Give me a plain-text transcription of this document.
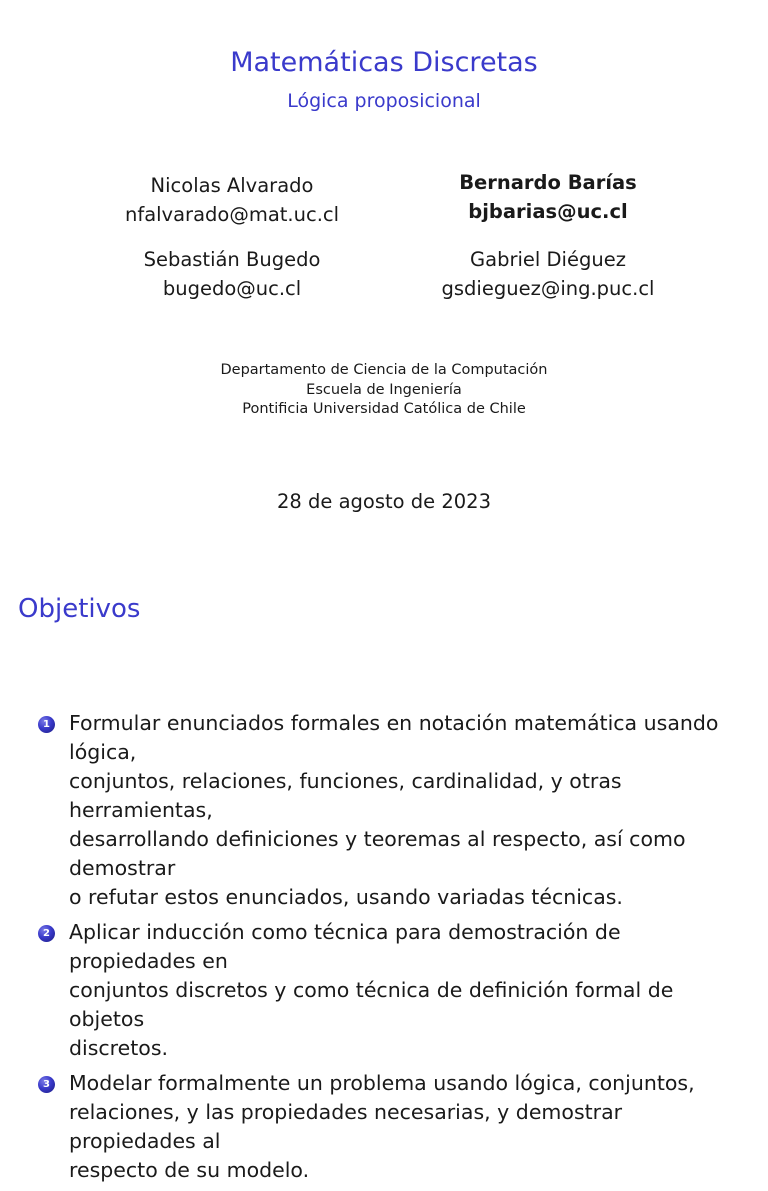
Matemáticas Discretas
Lógica proposicional
Nicolas Alvarado
nfalvarado@mat.uc.cl
Bernardo Barías
bjbarias@uc.cl
Sebastián Bugedo
bugedo@uc.cl
Gabriel Diéguez
gsdieguez@ing.puc.cl
Departamento de Ciencia de la Computación
Escuela de Ingeniería
Pontificia Universidad Católica de Chile
28 de agosto de 2023
Objetivos
1 Formular enunciados formales en notación matemática usando lógica,
conjuntos, relaciones, funciones, cardinalidad, y otras herramientas,
desarrollando definiciones y teoremas al respecto, así como demostrar
o refutar estos enunciados, usando variadas técnicas.
2 Aplicar inducción como técnica para demostración de propiedades en
conjuntos discretos y como técnica de definición formal de objetos
discretos.
3 Modelar formalmente un problema usando lógica, conjuntos,
relaciones, y las propiedades necesarias, y demostrar propiedades al
respecto de su modelo.
